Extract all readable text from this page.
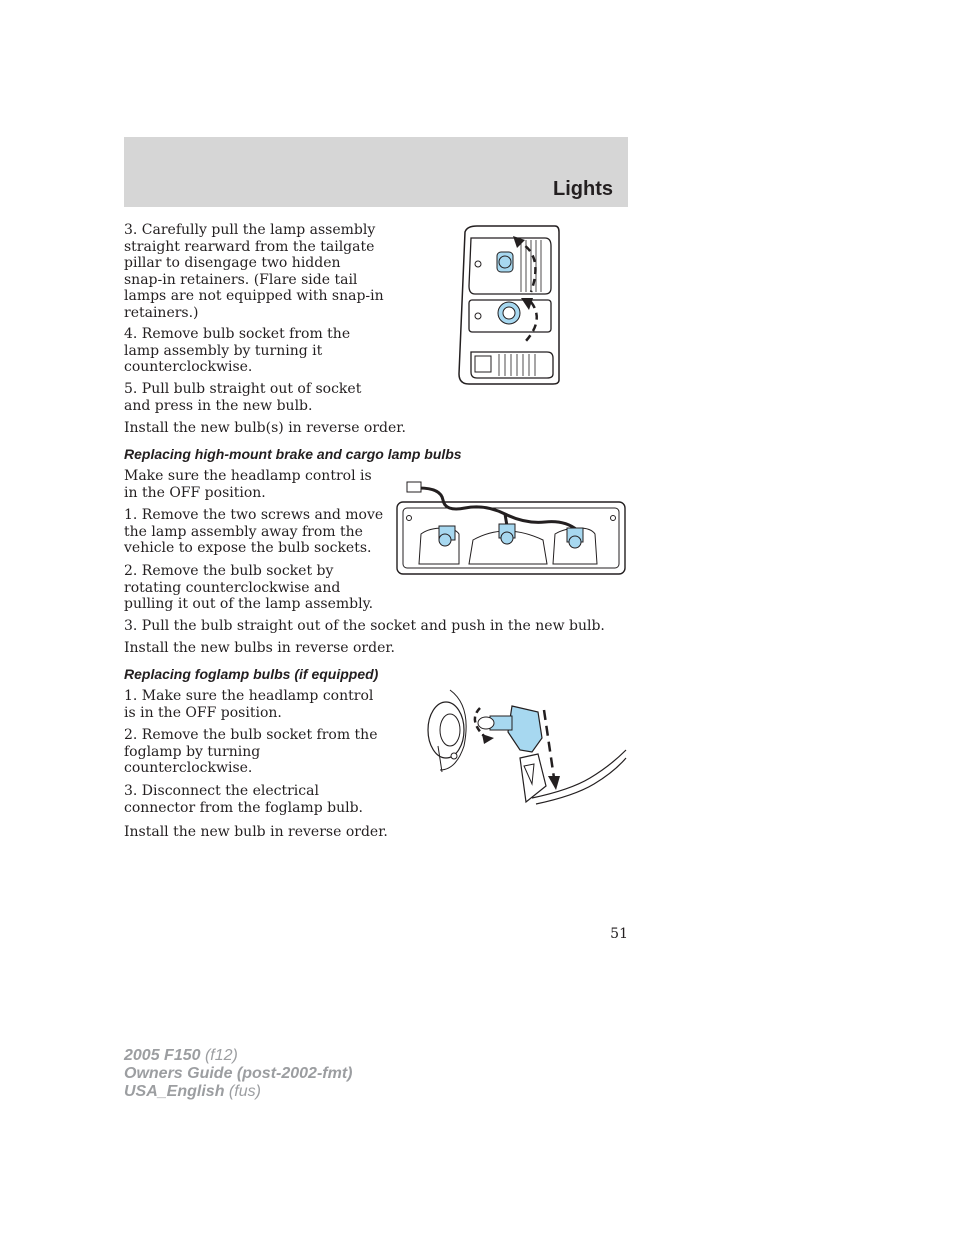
Lights

3. Carefully pull the lamp assembly
straight rearward from the tailgate
pillar to disengage two hidden
snap-in retainers. (Flare side tail
lamps are not equipped with snap-in
retainers.)

4. Remove bulb socket from the
lamp assembly by turning it
counterclockwise.

5. Pull bulb straight out of socket
and press in the new bulb.

Install the new bulb(s) in reverse order.

Replacing high-mount brake and cargo lamp bulbs

Make sure the headlamp control is
in the OFF position.

1. Remove the two screws and move
the lamp assembly away from the
vehicle to expose the bulb sockets.

2. Remove the bulb socket by
rotating counterclockwise and
pulling it out of the lamp assembly.

3. Pull the bulb straight out of the socket and push in the new bulb.

Install the new bulbs in reverse order.

Replacing foglamp bulbs (if equipped)

1. Make sure the headlamp control
is in the OFF position.

2. Remove the bulb socket from the
foglamp by turning
counterclockwise.

3. Disconnect the electrical
connector from the foglamp bulb.

Install the new bulb in reverse order.

51
2005 F150 (f12)
Owners Guide (post-2002-fmt)
USA_English (fus)
